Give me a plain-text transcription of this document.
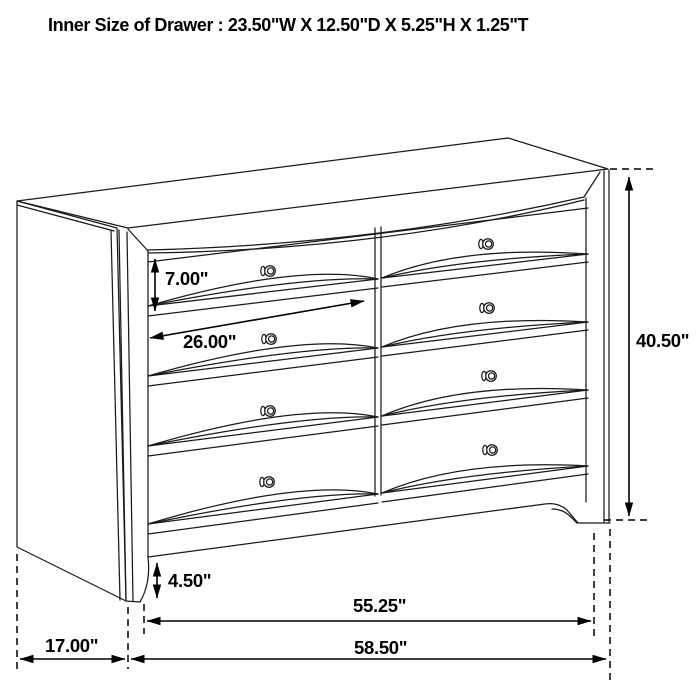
Inner Size of Drawer : 23.50"W X 12.50"D X 5.25"H X 1.25"T
7.00"
26.00"	40.50"
4.50"
55.25"
58.50"
17.00"
